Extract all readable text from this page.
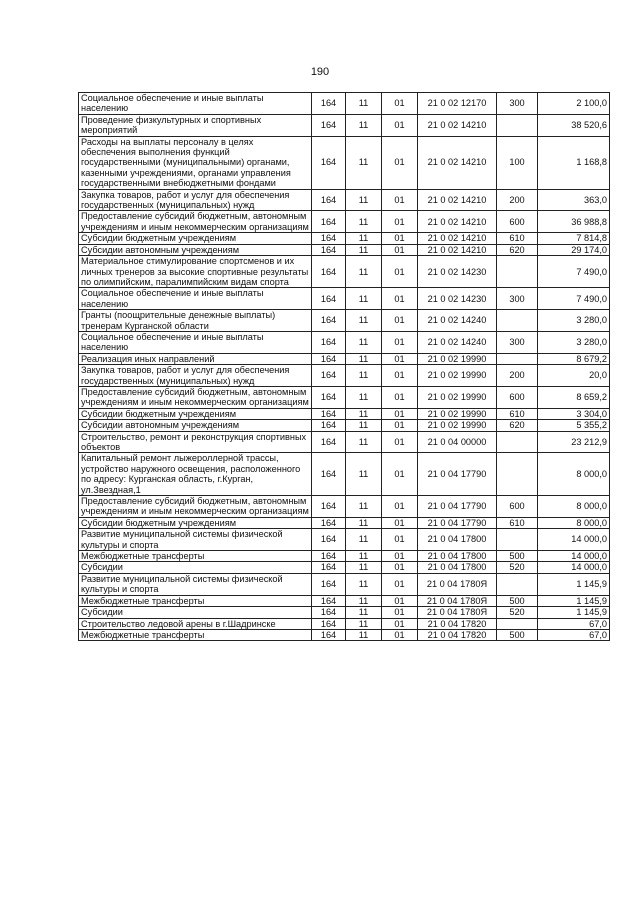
190
Социальное обеспечение и иные выплаты населению	164	11	01	21 0 02 12170	300	2 100,0
Проведение физкультурных и спортивных мероприятий	164	11	01	21 0 02 14210		38 520,6
Расходы на выплаты персоналу в целях обеспечения выполнения функций государственными (муниципальными) органами, казенными учреждениями, органами управления государственными внебюджетными фондами	164	11	01	21 0 02 14210	100	1 168,8
Закупка товаров, работ и услуг для обеспечения государственных (муниципальных) нужд	164	11	01	21 0 02 14210	200	363,0
Предоставление субсидий бюджетным, автономным учреждениям и иным некоммерческим организациям	164	11	01	21 0 02 14210	600	36 988,8
Субсидии бюджетным учреждениям	164	11	01	21 0 02 14210	610	7 814,8
Субсидии автономным учреждениям	164	11	01	21 0 02 14210	620	29 174,0
Материальное стимулирование спортсменов и их личных тренеров за высокие спортивные результаты по олимпийским, паралимпийским видам спорта	164	11	01	21 0 02 14230		7 490,0
Социальное обеспечение и иные выплаты населению	164	11	01	21 0 02 14230	300	7 490,0
Гранты (поощрительные денежные выплаты) тренерам Курганской области	164	11	01	21 0 02 14240		3 280,0
Социальное обеспечение и иные выплаты населению	164	11	01	21 0 02 14240	300	3 280,0
Реализация иных направлений	164	11	01	21 0 02 19990		8 679,2
Закупка товаров, работ и услуг для обеспечения государственных (муниципальных) нужд	164	11	01	21 0 02 19990	200	20,0
Предоставление субсидий бюджетным, автономным учреждениям и иным некоммерческим организациям	164	11	01	21 0 02 19990	600	8 659,2
Субсидии бюджетным учреждениям	164	11	01	21 0 02 19990	610	3 304,0
Субсидии автономным учреждениям	164	11	01	21 0 02 19990	620	5 355,2
Строительство, ремонт и реконструкция спортивных объектов	164	11	01	21 0 04 00000		23 212,9
Капитальный ремонт лыжероллерной трассы, устройство наружного освещения, расположенного по адресу: Курганская область, г.Курган, ул.Звездная,1	164	11	01	21 0 04 17790		8 000,0
Предоставление субсидий бюджетным, автономным учреждениям и иным некоммерческим организациям	164	11	01	21 0 04 17790	600	8 000,0
Субсидии бюджетным учреждениям	164	11	01	21 0 04 17790	610	8 000,0
Развитие муниципальной системы физической культуры и спорта	164	11	01	21 0 04 17800		14 000,0
Межбюджетные трансферты	164	11	01	21 0 04 17800	500	14 000,0
Субсидии	164	11	01	21 0 04 17800	520	14 000,0
Развитие муниципальной системы физической культуры и спорта	164	11	01	21 0 04 1780Я		1 145,9
Межбюджетные трансферты	164	11	01	21 0 04 1780Я	500	1 145,9
Субсидии	164	11	01	21 0 04 1780Я	520	1 145,9
Строительство ледовой арены в г.Шадринске	164	11	01	21 0 04 17820		67,0
Межбюджетные трансферты	164	11	01	21 0 04 17820	500	67,0
